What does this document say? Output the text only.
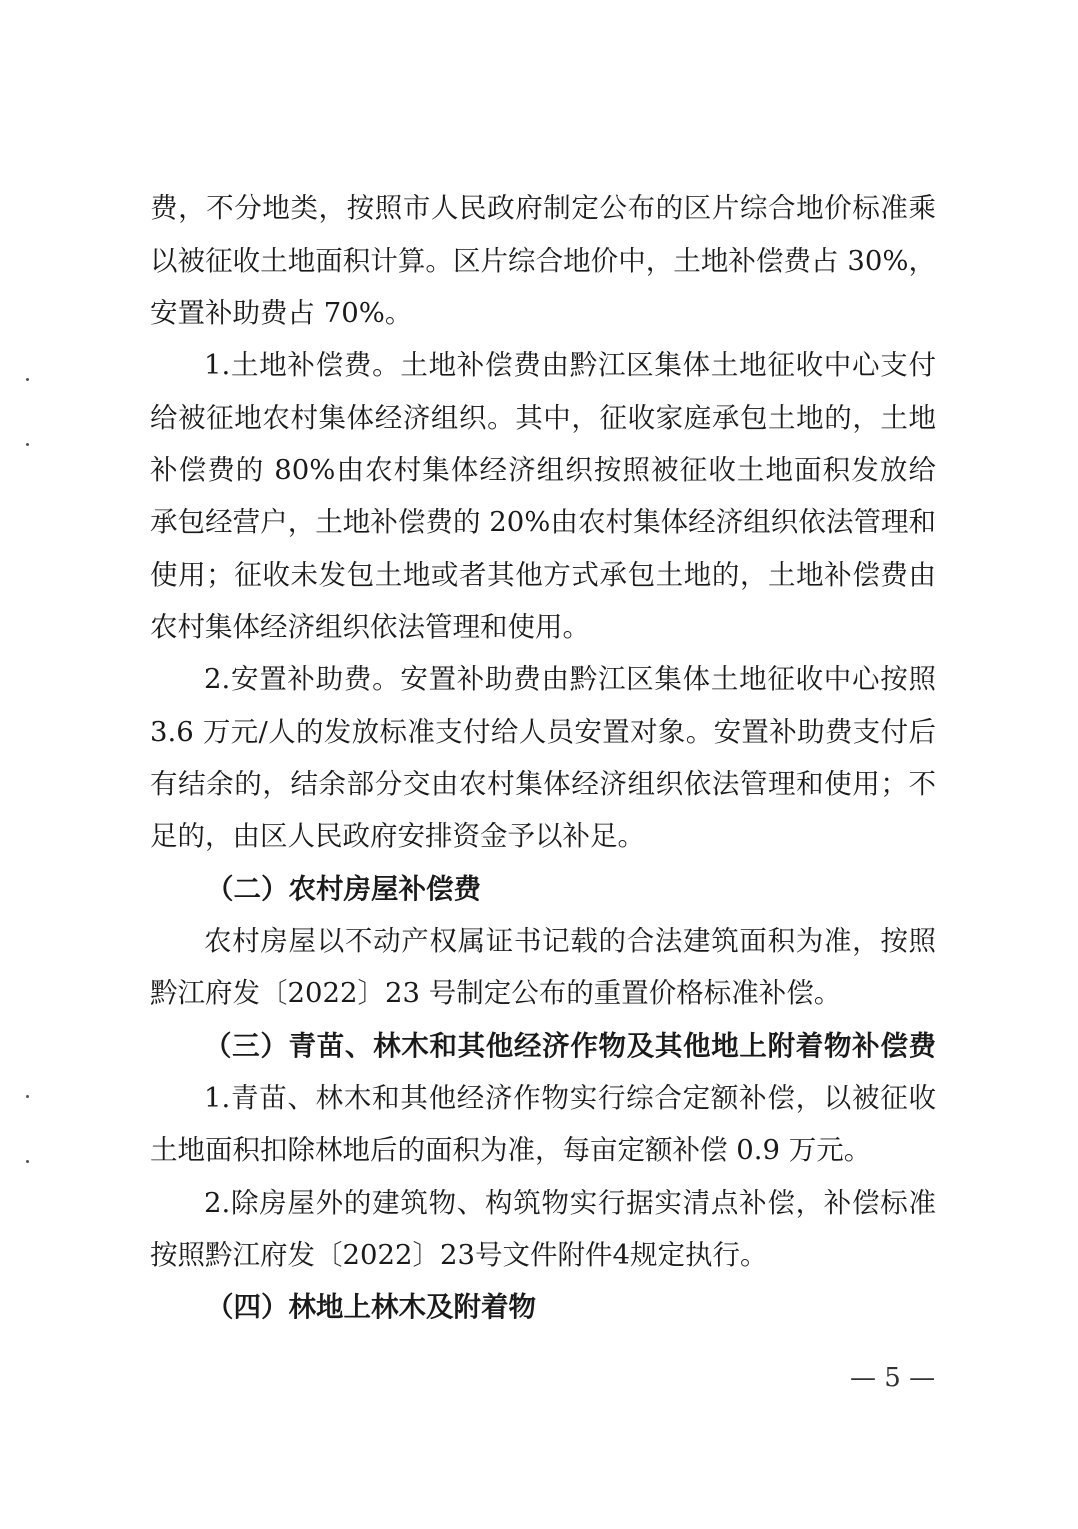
费，不分地类，按照市人民政府制定公布的区片综合地价标准乘
以被征收土地面积计算。区片综合地价中，土地补偿费占 30%，
安置补助费占 70%。
1.土地补偿费。土地补偿费由黔江区集体土地征收中心支付
给被征地农村集体经济组织。其中，征收家庭承包土地的，土地
补偿费的 80%由农村集体经济组织按照被征收土地面积发放给
承包经营户，土地补偿费的 20%由农村集体经济组织依法管理和
使用；征收未发包土地或者其他方式承包土地的，土地补偿费由
农村集体经济组织依法管理和使用。
2.安置补助费。安置补助费由黔江区集体土地征收中心按照
3.6 万元/人的发放标准支付给人员安置对象。安置补助费支付后
有结余的，结余部分交由农村集体经济组织依法管理和使用；不
足的，由区人民政府安排资金予以补足。
（二）农村房屋补偿费
农村房屋以不动产权属证书记载的合法建筑面积为准，按照
黔江府发〔2022〕23 号制定公布的重置价格标准补偿。
（三）青苗、林木和其他经济作物及其他地上附着物补偿费
1.青苗、林木和其他经济作物实行综合定额补偿，以被征收
土地面积扣除林地后的面积为准，每亩定额补偿 0.9 万元。
2.除房屋外的建筑物、构筑物实行据实清点补偿，补偿标准
按照黔江府发〔2022〕23号文件附件4规定执行。
（四）林地上林木及附着物
— 5 —
